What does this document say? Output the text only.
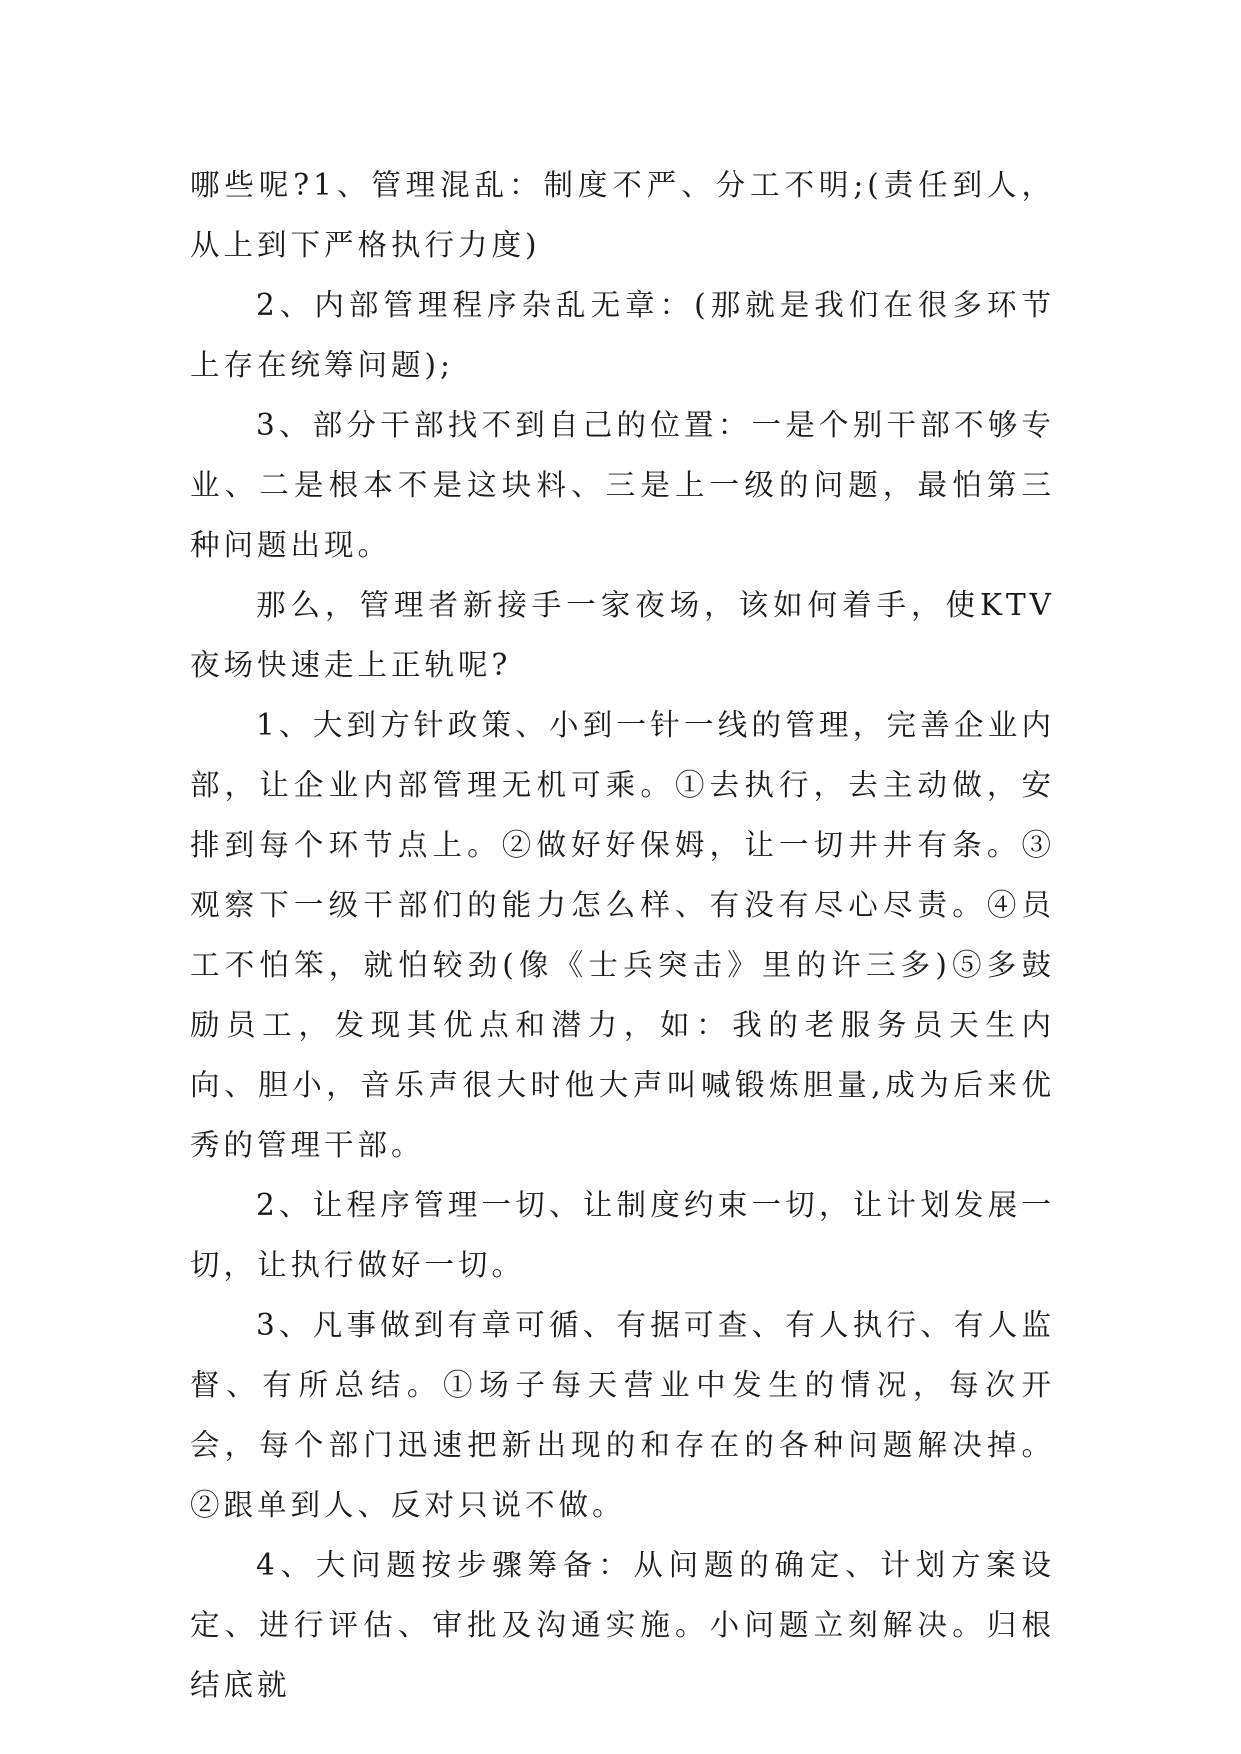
哪些呢?1、管理混乱：制度不严、分工不明;(责任到人，从上到下严格执行力度)

2、内部管理程序杂乱无章：(那就是我们在很多环节上存在统筹问题);

3、部分干部找不到自己的位置：一是个别干部不够专业、二是根本不是这块料、三是上一级的问题，最怕第三种问题出现。

那么，管理者新接手一家夜场，该如何着手，使KTV夜场快速走上正轨呢?

1、大到方针政策、小到一针一线的管理，完善企业内部，让企业内部管理无机可乘。①去执行，去主动做，安排到每个环节点上。②做好好保姆，让一切井井有条。③观察下一级干部们的能力怎么样、有没有尽心尽责。④员工不怕笨，就怕较劲(像《士兵突击》里的许三多)⑤多鼓励员工，发现其优点和潜力，如：我的老服务员天生内向、胆小，音乐声很大时他大声叫喊锻炼胆量,成为后来优秀的管理干部。

2、让程序管理一切、让制度约束一切，让计划发展一切，让执行做好一切。

3、凡事做到有章可循、有据可查、有人执行、有人监督、有所总结。①场子每天营业中发生的情况，每次开会，每个部门迅速把新出现的和存在的各种问题解决掉。②跟单到人、反对只说不做。

4、大问题按步骤筹备：从问题的确定、计划方案设定、进行评估、审批及沟通实施。小问题立刻解决。归根结底就
